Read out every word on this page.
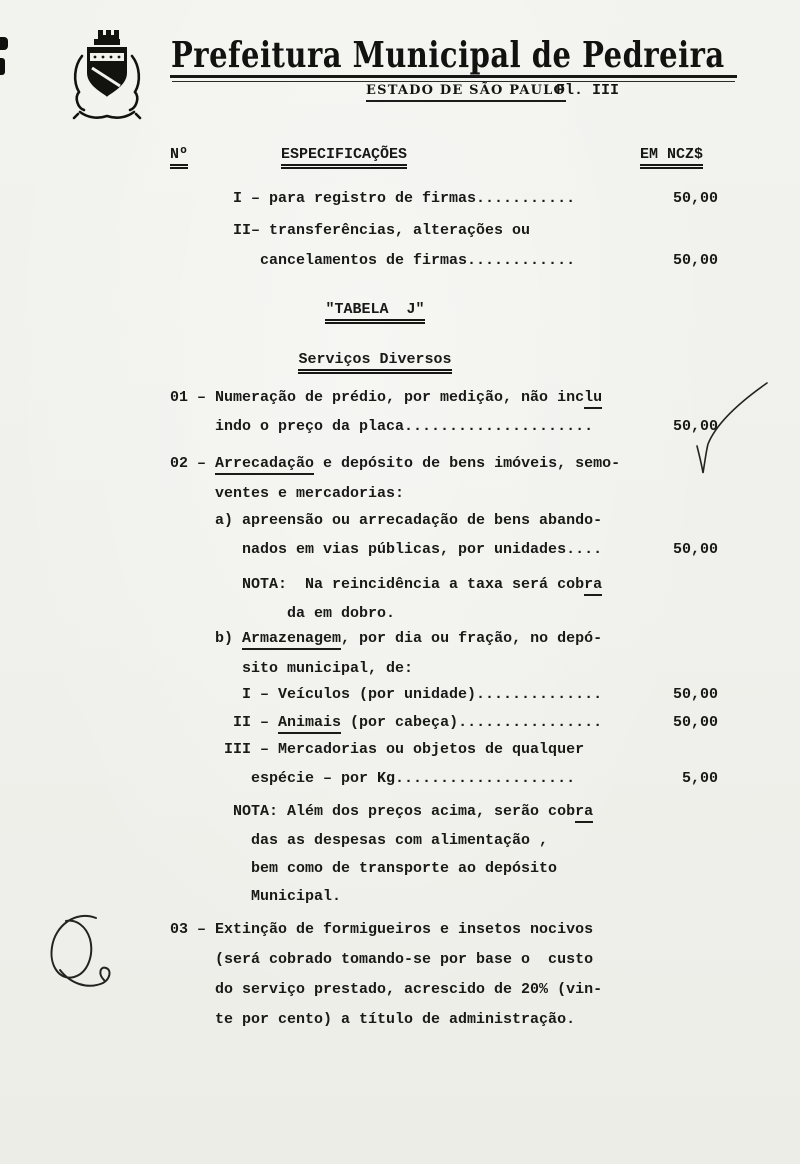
Prefeitura Municipal de Pedreira
ESTADO DE SÃO PAULO
Fl. III
Nº	ESPECIFICAÇÕES	EM NCZ$
I – para registro de firmas...........	50,00
II– transferências, alterações ou
cancelamentos de firmas............	50,00
"TABELA  J"
Serviços Diversos
01 – Numeração de prédio, por medição, não inclu
indo o preço da placa.....................	50,00
02 – Arrecadação e depósito de bens imóveis, semo-
ventes e mercadorias:
a) apreensão ou arrecadação de bens abando-
nados em vias públicas, por unidades....	50,00
NOTA:  Na reincidência a taxa será cobra
da em dobro.
b) Armazenagem, por dia ou fração, no depó-
sito municipal, de:
I – Veículos (por unidade)..............	50,00
II – Animais (por cabeça)................	50,00
III – Mercadorias ou objetos de qualquer
espécie – por Kg....................	5,00
NOTA: Além dos preços acima, serão cobra
das as despesas com alimentação ,
bem como de transporte ao depósito
Municipal.
03 – Extinção de formigueiros e insetos nocivos
(será cobrado tomando-se por base o  custo
do serviço prestado, acrescido de 20% (vin-
te por cento) a título de administração.
